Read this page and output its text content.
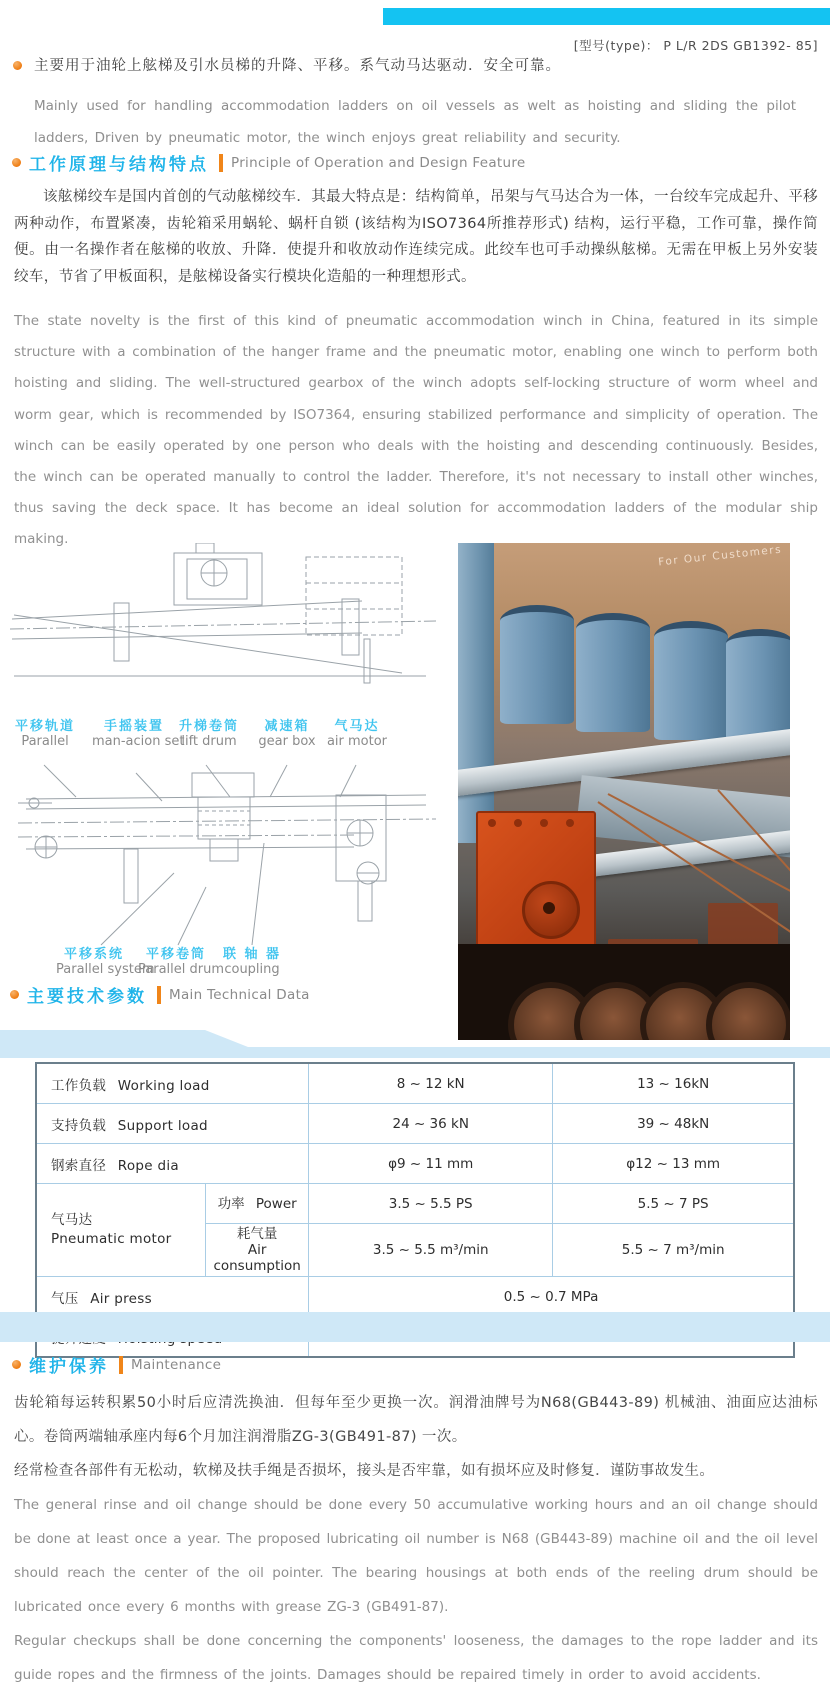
[型号(type)： P L/R 2DS GB1392- 85]
主要用于油轮上舷梯及引水员梯的升降、平移。系气动马达驱动．安全可靠。
Mainly used for handling accommodation ladders on oil vessels as welt as hoisting and sliding the pilot ladders, Driven by pneumatic motor, the winch enjoys great reliability and security.
工作原理与结构特点 Principle of Operation and Design Feature
该舷梯绞车是国内首创的气动舷梯绞车．其最大特点是：结构简单，吊架与气马达合为一体，一台绞车完成起升、平移两种动作，布置紧凑，齿轮箱采用蜗轮、蜗杆自锁 (该结构为ISO7364所推荐形式) 结构，运行平稳，工作可靠，操作简便。由一名操作者在舷梯的收放、升降．使提升和收放动作连续完成。此绞车也可手动操纵舷梯。无需在甲板上另外安装绞车，节省了甲板面积，是舷梯设备实行模块化造船的一种理想形式。
The state novelty is the first of this kind of pneumatic accommodation winch in China, featured in its simple structure with a combination of the hanger frame and the pneumatic motor, enabling one winch to perform both hoisting and sliding. The well-structured gearbox of the winch adopts self-locking structure of worm wheel and worm gear, which is recommended by ISO7364, ensuring stabilized performance and simplicity of operation. The winch can be easily operated by one person who deals with the hoisting and descending continuously. Besides, the winch can be operated manually to control the ladder. Therefore, it's not necessary to install other winches, thus saving the deck space. It has become an ideal solution for accommodation ladders of the modular ship making.
平移轨道
Parallel
手摇装置
man-acion set
升梯卷筒
lift drum
减速箱
gear box
气马达
air motor
平移系统
Parallel system
平移卷筒
Parallel drum
联 轴 器
coupling
For Our Customers
主要技术参数 Main Technical Data
工作负载 Working load		8 ~ 12 kN	13 ~ 16kN
支持负载 Support load		24 ~ 36 kN	39 ~ 48kN
钢索直径 Rope dia		φ9 ~ 11 mm	φ12 ~ 13 mm

气马达
Pneumatic motor	功率 Power	3.5 ~ 5.5 PS	5.5 ~ 7 PS

	耗气量
Air consumption	3.5 ~ 5.5 m³/min	5.5 ~ 7 m³/min
气压 Air press		0.5 ~ 0.7 MPa	

维护保养 Maintenance

齿轮箱每运转积累50小时后应清洗换油．但每年至少更换一次。润滑油牌号为N68(GB443-89) 机械油、油面应达油标心。卷筒两端轴承座内每6个月加注润滑脂ZG-3(GB491-87) 一次。

经常检查各部件有无松动，软梯及扶手绳是否损坏，接头是否牢靠，如有损坏应及时修复．谨防事故发生。

The general rinse and oil change should be done every 50 accumulative working hours and an oil change should be done at least once a year. The proposed lubricating oil number is N68 (GB443-89) machine oil and the oil level should reach the center of the oil pointer. The bearing housings at both ends of the reeling drum should be lubricated once every 6 months with grease ZG-3 (GB491-87).

Regular checkups shall be done concerning the components' looseness, the damages to the rope ladder and its guide ropes and the firmness of the joints. Damages should be repaired timely in order to avoid accidents.
